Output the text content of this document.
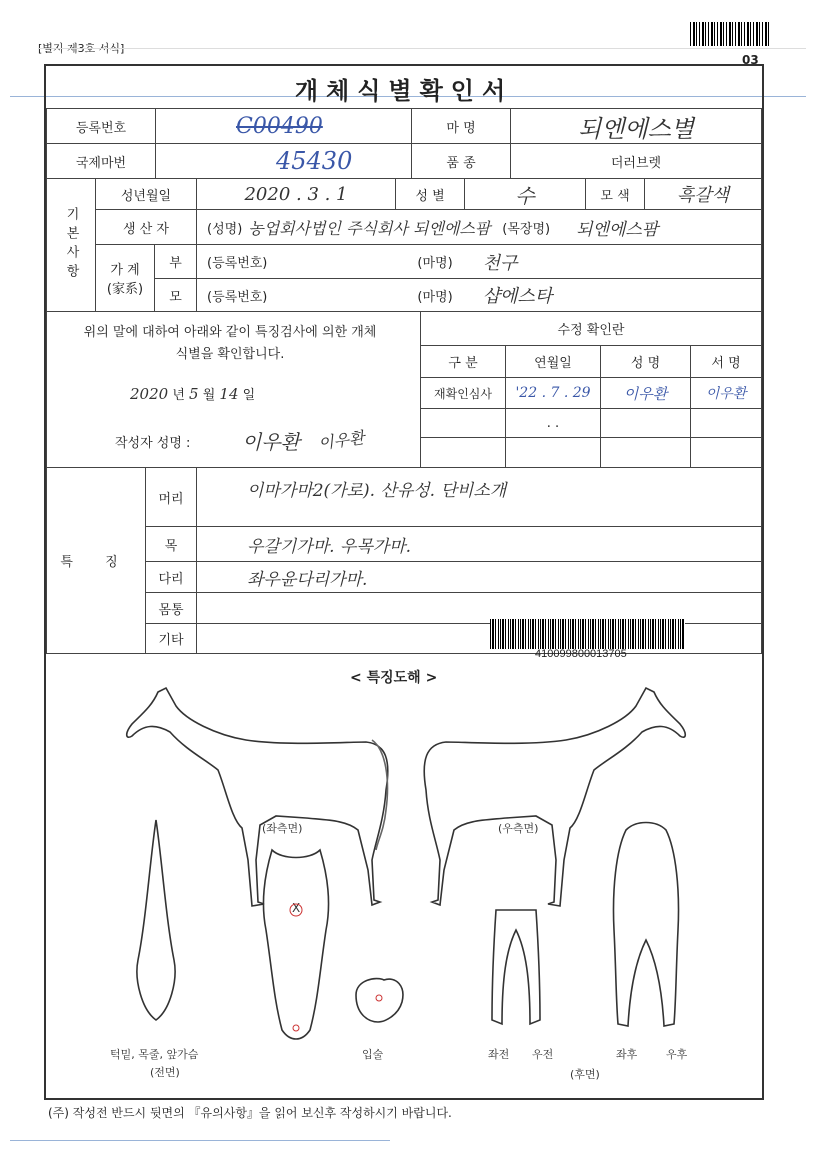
[별지 제3호 서식]
03
개체식별확인서
등록번호	C00490	마 명	되엔에스별
국제마번	45430	품 종	더러브렛
기본사항
성년월일	2020 . 3 . 1	성 별	수	모 색	흑갈색
생 산 자	(성명) 농업회사법인 주식회사 되엔에스팜 (목장명) 되엔에스팜
가 계 (家系)
부 (등록번호)	(마명) 천구
모 (등록번호)	(마명) 샵에스타
위의 말에 대하여 아래와 같이 특징검사에 의한 개체식별을 확인합니다.
2020 년 5 월 14 일
작성자 성명 :	이우환 이우환
수정 확인란
구 분	연월일	성 명	서 명
재확인심사 '22 . 7 . 29 이우환	이우환
. .
특 징
머리	이마가마2(가로). 산유성. 단비소개
목	우갈기가마. 우목가마.
다리	좌우윤다리가마.
몸통
기타
410099800013705
< 특징도해 >
X
(좌측면)	(우측면)
턱밑, 목줄, 앞가슴
(전면)
입술	좌전 우전	좌후	우후
(후면)
(주) 작성전 반드시 뒷면의 『유의사항』을 읽어 보신후 작성하시기 바랍니다.
